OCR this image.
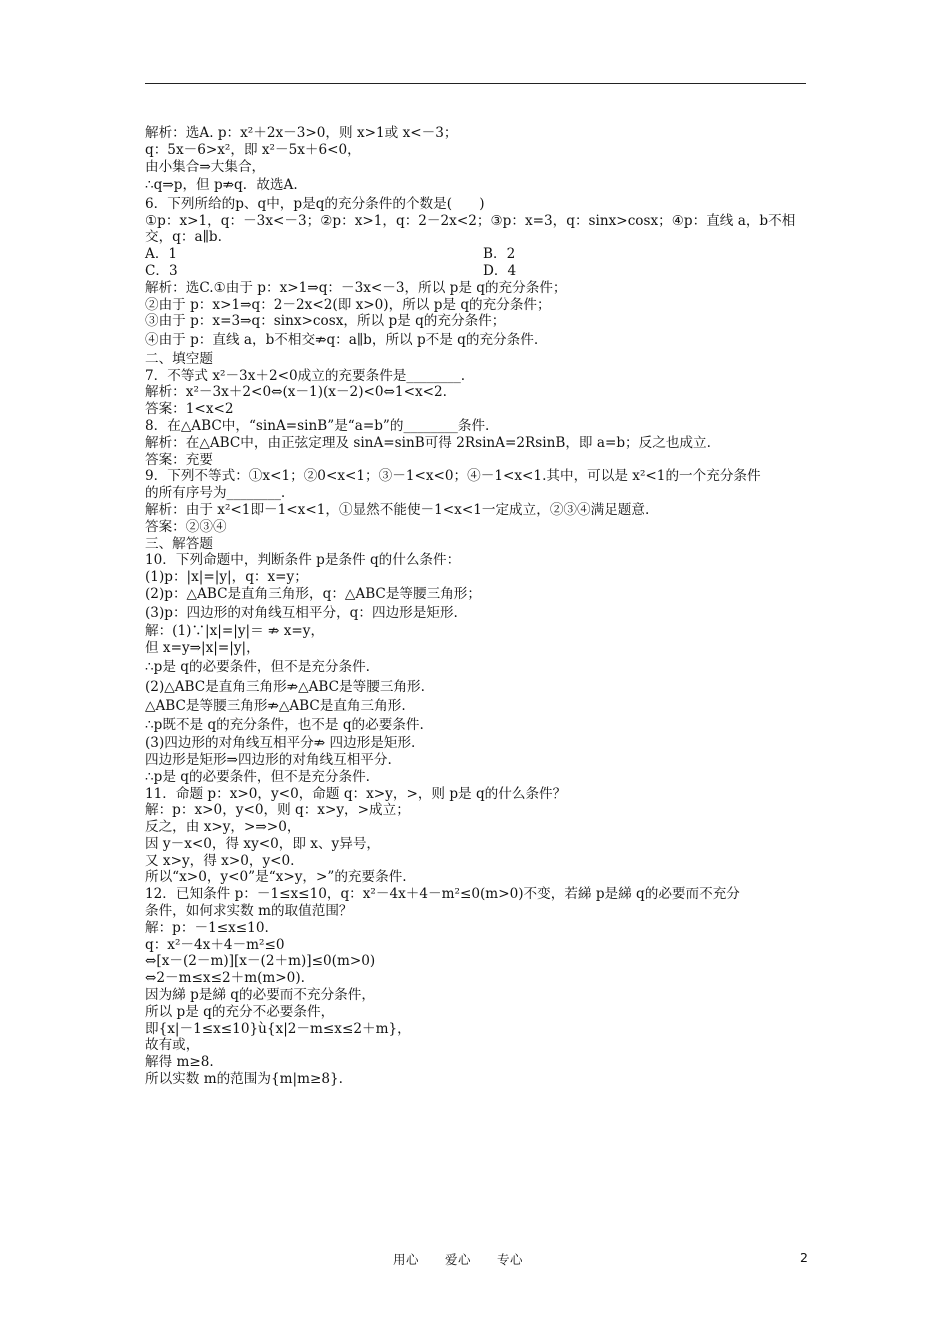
解析：选A. p：x²＋2x－3>0，则 x>1或 x<－3；
q：5x－6>x²，即 x²－5x＋6<0，
由小集合⇒大集合，
∴q⇒p，但 p⇏q．故选A.
6．下列所给的p、q中，p是q的充分条件的个数是(　　)
①p：x>1，q：－3x<－3；②p：x>1，q：2－2x<2；③p：x=3，q：sinx>cosx；④p：直线 a，b不相
交，q：a∥b.
A．1	B．2
C．3	D．4
解析：选C.①由于 p：x>1⇒q：－3x<－3，所以 p是 q的充分条件；
②由于 p：x>1⇒q：2－2x<2(即 x>0)，所以 p是 q的充分条件；
③由于 p：x=3⇒q：sinx>cosx，所以 p是 q的充分条件；
④由于 p：直线 a，b不相交⇏q：a∥b，所以 p不是 q的充分条件.
二、填空题
7．不等式 x²－3x＋2<0成立的充要条件是________.
解析：x²－3x＋2<0⇔(x－1)(x－2)<0⇔1<x<2.
答案：1<x<2
8．在△ABC中，“sinA=sinB”是“a=b”的________条件.
解析：在△ABC中，由正弦定理及 sinA=sinB可得 2RsinA=2RsinB，即 a=b；反之也成立.
答案：充要
9．下列不等式：①x<1；②0<x<1；③－1<x<0；④－1<x<1.其中，可以是 x²<1的一个充分条件
的所有序号为________.
解析：由于 x²<1即－1<x<1，①显然不能使－1<x<1一定成立，②③④满足题意.
答案：②③④
三、解答题
10．下列命题中，判断条件 p是条件 q的什么条件：
(1)p：|x|=|y|，q：x=y；
(2)p：△ABC是直角三角形，q：△ABC是等腰三角形；
(3)p：四边形的对角线互相平分，q：四边形是矩形.
解：(1)∵|x|=|y|＝ ⇏ x=y，
但 x=y⇒|x|=|y|，
∴p是 q的必要条件，但不是充分条件.
(2)△ABC是直角三角形⇏△ABC是等腰三角形.
△ABC是等腰三角形⇏△ABC是直角三角形.
∴p既不是 q的充分条件，也不是 q的必要条件.
(3)四边形的对角线互相平分⇏ 四边形是矩形.
四边形是矩形⇒四边形的对角线互相平分.
∴p是 q的必要条件，但不是充分条件.
11．命题 p：x>0，y<0，命题 q：x>y，>，则 p是 q的什么条件？
解：p：x>0，y<0，则 q：x>y，>成立；
反之，由 x>y，>⇒>0，
因 y－x<0，得 xy<0，即 x、y异号，
又 x>y，得 x>0，y<0.
所以“x>0，y<0”是“x>y，>”的充要条件.
12．已知条件 p：－1≤x≤10，q：x²－4x＋4－m²≤0(m>0)不变，若綈 p是綈 q的必要而不充分
条件，如何求实数 m的取值范围？
解：p：－1≤x≤10.
q：x²－4x＋4－m²≤0
⇔[x－(2－m)][x－(2＋m)]≤0(m>0)
⇔2－m≤x≤2＋m(m>0).
因为綈 p是綈 q的必要而不充分条件，
所以 p是 q的充分不必要条件，
即{x|－1≤x≤10}ù{x|2－m≤x≤2＋m}，
故有或，
解得 m≥8.
所以实数 m的范围为{m|m≥8}.
用心　　爱心　　专心	2
